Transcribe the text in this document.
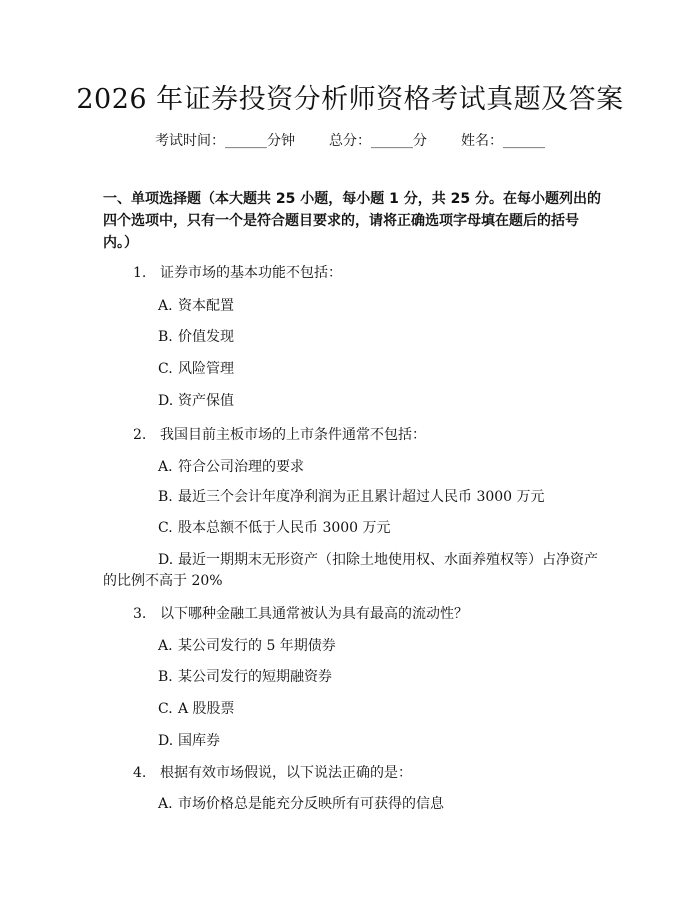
2026 年证券投资分析师资格考试真题及答案
考试时间：______分钟 总分：______分 姓名：______
一、单项选择题（本大题共 25 小题，每小题 1 分，共 25 分。在每小题列出的四个选项中，只有一个是符合题目要求的，请将正确选项字母填在题后的括号内。）
1. 证券市场的基本功能不包括：
A. 资本配置
B. 价值发现
C. 风险管理
D. 资产保值
2. 我国目前主板市场的上市条件通常不包括：
A. 符合公司治理的要求
B. 最近三个会计年度净利润为正且累计超过人民币 3000 万元
C. 股本总额不低于人民币 3000 万元
D. 最近一期期末无形资产（扣除土地使用权、水面养殖权等）占净资产
的比例不高于 20%
3. 以下哪种金融工具通常被认为具有最高的流动性？
A. 某公司发行的 5 年期债券
B. 某公司发行的短期融资券
C. A 股股票
D. 国库券
4. 根据有效市场假说，以下说法正确的是：
A. 市场价格总是能充分反映所有可获得的信息
